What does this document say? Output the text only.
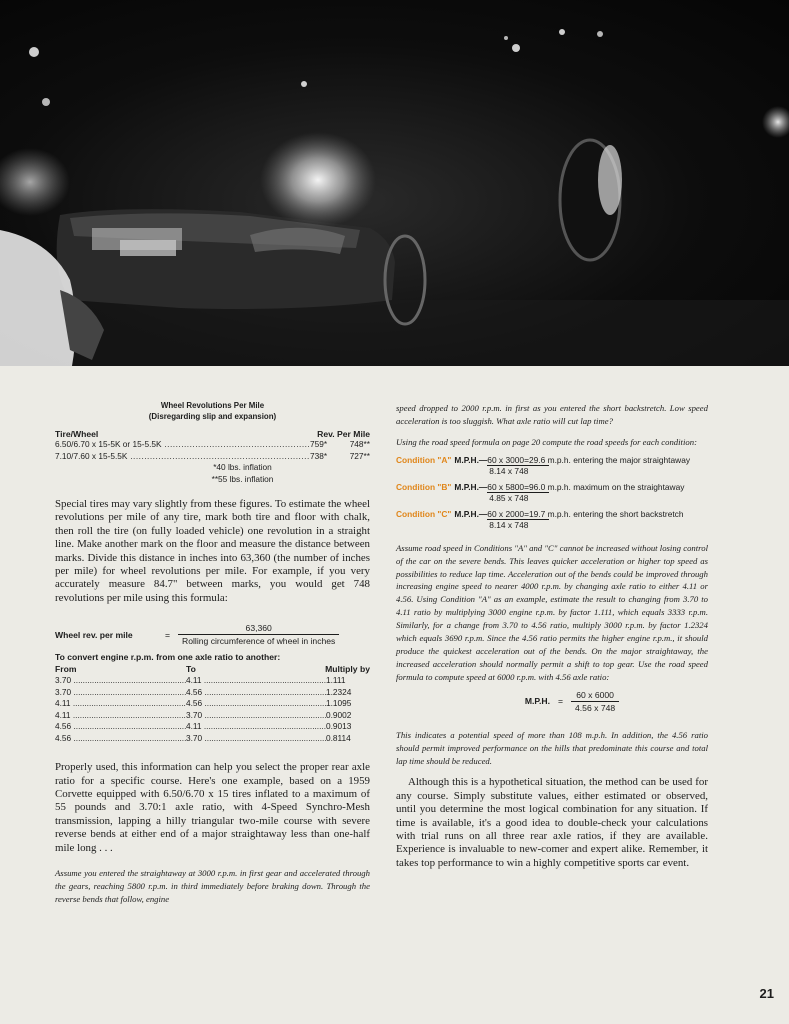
Wheel Revolutions Per Mile
(Disregarding slip and expansion)
Tire/Wheel	Rev. Per Mile
6.50/6.70 x 15-5K or 15-5.5K .....	759*	748**
7.10/7.60 x 15-5.5K .....	738*	727**
*40 lbs. inflation
**55 lbs. inflation

Special tires may vary slightly from these figures. To estimate the wheel revolutions per mile of any tire, mark both tire and floor with chalk, then roll the tire (on fully loaded vehicle) one revolution in a straight line. Make another mark on the floor and measure the distance between marks. Divide this distance in inches into 63,360 (the number of inches per mile) for wheel revolutions per mile. For example, if you very accurately measure 84.7" between marks, you would get 748 revolutions per mile using this formula:

Wheel rev. per mile	= $\frac{63,360}{\text{Rolling circumference of wheel in inches}}$
To convert engine r.p.m. from one axle ratio to another:
From	To	Multiply by
3.70 .....	4.11 .....	1.111
3.70 .....	4.56 .....	1.2324
4.11 .....	4.56 .....	1.1095
4.11 .....	3.70 .....	0.9002
4.56 .....	4.11 .....	0.9013
4.56 .....	3.70 .....	0.8114

Properly used, this information can help you select the proper rear axle ratio for a specific course. Here's one example, based on a 1959 Corvette equipped with 6.50/6.70 x 15 tires inflated to a maximum of 55 pounds and 3.70:1 axle ratio, with 4-Speed Synchro-Mesh transmission, lapping a hilly triangular two-mile course with severe reverse bends at either end of a major straightaway less than one-half mile long . . .

Assume you entered the straightaway at 3000 r.p.m. in first gear and accelerated through the gears, reaching 5800 r.p.m. in third immediately before braking down. Through the reverse bends that follow, engine

speed dropped to 2000 r.p.m. in first as you entered the short backstretch. Low speed acceleration is too sluggish. What axle ratio will cut lap time?

Using the road speed formula on page 20 compute the road speeds for each condition:

Condition "A" M.P.H.— 60 x 3000 =29.6 m.p.h. entering the major straightaway
8.14 x 748
Condition "B" M.P.H.— 60 x 5800 =96.0 m.p.h. maximum on the straightaway
4.85 x 748
Condition "C" M.P.H.— 60 x 2000 =19.7 m.p.h. entering the short backstretch
8.14 x 748

Assume road speed in Conditions "A" and "C" cannot be increased without losing control of the car on the severe bends. This leaves quicker acceleration or higher top speed as possibilities to reduce lap time. Acceleration out of the bends could be improved through increasing engine speed to nearer 4000 r.p.m. by changing axle ratio to either 4.11 or 4.56. Using Condition "A" as an example, estimate the result to changing from 3.70 to 4.11 ratio by multiplying 3000 engine r.p.m. by factor 1.111, which equals 3333 r.p.m. Similarly, for a change from 3.70 to 4.56 ratio, multiply 3000 r.p.m. by factor 1.2324 which equals 3690 r.p.m. Since the 4.56 ratio permits the higher engine r.p.m., it should produce the quickest acceleration out of the bends. On the major straightaway, the increased acceleration should normally permit a shift to top gear. Use the road speed formula to compute speed at 6000 r.p.m. with 4.56 axle ratio:

M.P.H. = $\frac{60 x 6000}{4.56 x 748}$

This indicates a potential speed of more than 108 m.p.h. In addition, the 4.56 ratio should permit improved performance on the hills that predominate this course and total lap time should be reduced.

Although this is a hypothetical situation, the method can be used for any course. Simply substitute values, either estimated or observed, until you determine the most logical combination for any situation. If time is available, it's a good idea to double-check your calculations with trial runs on all three rear axle ratios, if they are available. Experience is invaluable to new-comer and expert alike. Remember, it takes top performance to win a highly competitive sports car event.

21
